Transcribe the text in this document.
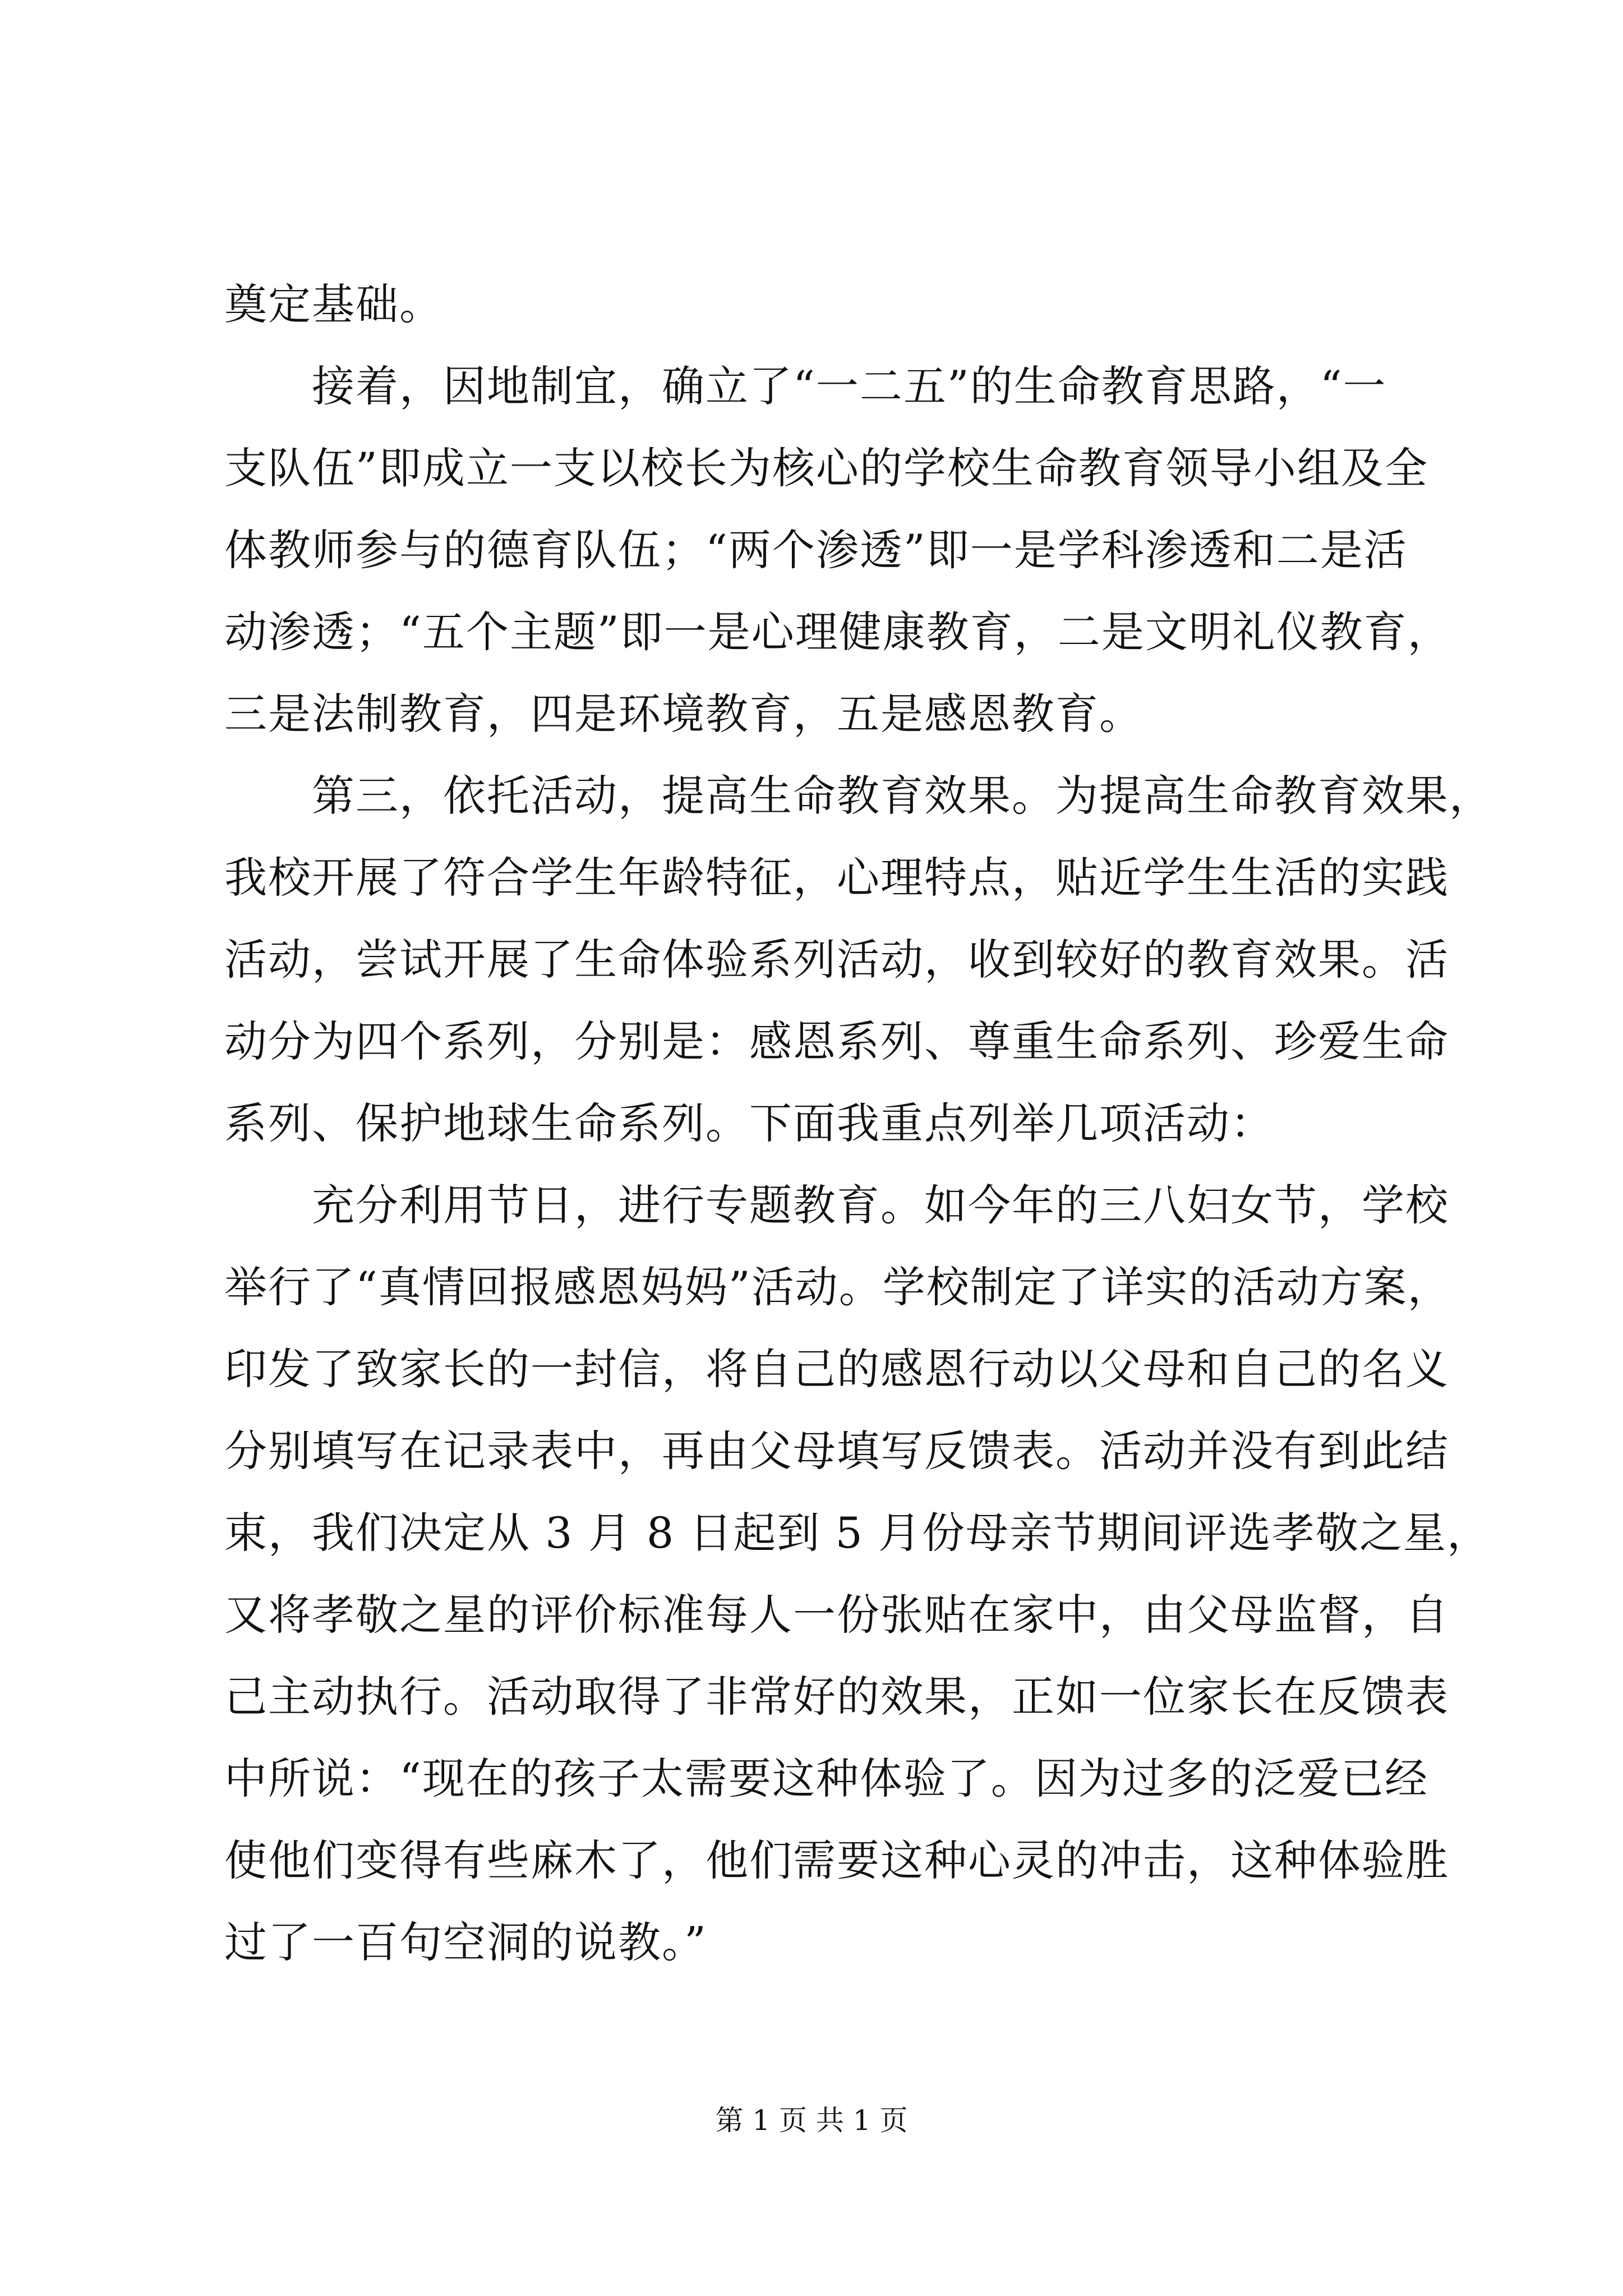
奠定基础。
　　接着，因地制宜，确立了“一二五”的生命教育思路，“一
支队伍”即成立一支以校长为核心的学校生命教育领导小组及全
体教师参与的德育队伍；“两个渗透”即一是学科渗透和二是活
动渗透；“五个主题”即一是心理健康教育，二是文明礼仪教育，
三是法制教育，四是环境教育，五是感恩教育。
　　第三，依托活动，提高生命教育效果。为提高生命教育效果，
我校开展了符合学生年龄特征，心理特点，贴近学生生活的实践
活动，尝试开展了生命体验系列活动，收到较好的教育效果。活
动分为四个系列，分别是：感恩系列、尊重生命系列、珍爱生命
系列、保护地球生命系列。下面我重点列举几项活动：
　　充分利用节日，进行专题教育。如今年的三八妇女节，学校
举行了“真情回报感恩妈妈”活动。学校制定了详实的活动方案，
印发了致家长的一封信，将自己的感恩行动以父母和自己的名义
分别填写在记录表中，再由父母填写反馈表。活动并没有到此结
束，我们决定从 3 月 8 日起到 5 月份母亲节期间评选孝敬之星，
又将孝敬之星的评价标准每人一份张贴在家中，由父母监督，自
己主动执行。活动取得了非常好的效果，正如一位家长在反馈表
中所说：“现在的孩子太需要这种体验了。因为过多的泛爱已经
使他们变得有些麻木了，他们需要这种心灵的冲击，这种体验胜
过了一百句空洞的说教。”
第 1 页 共 1 页
